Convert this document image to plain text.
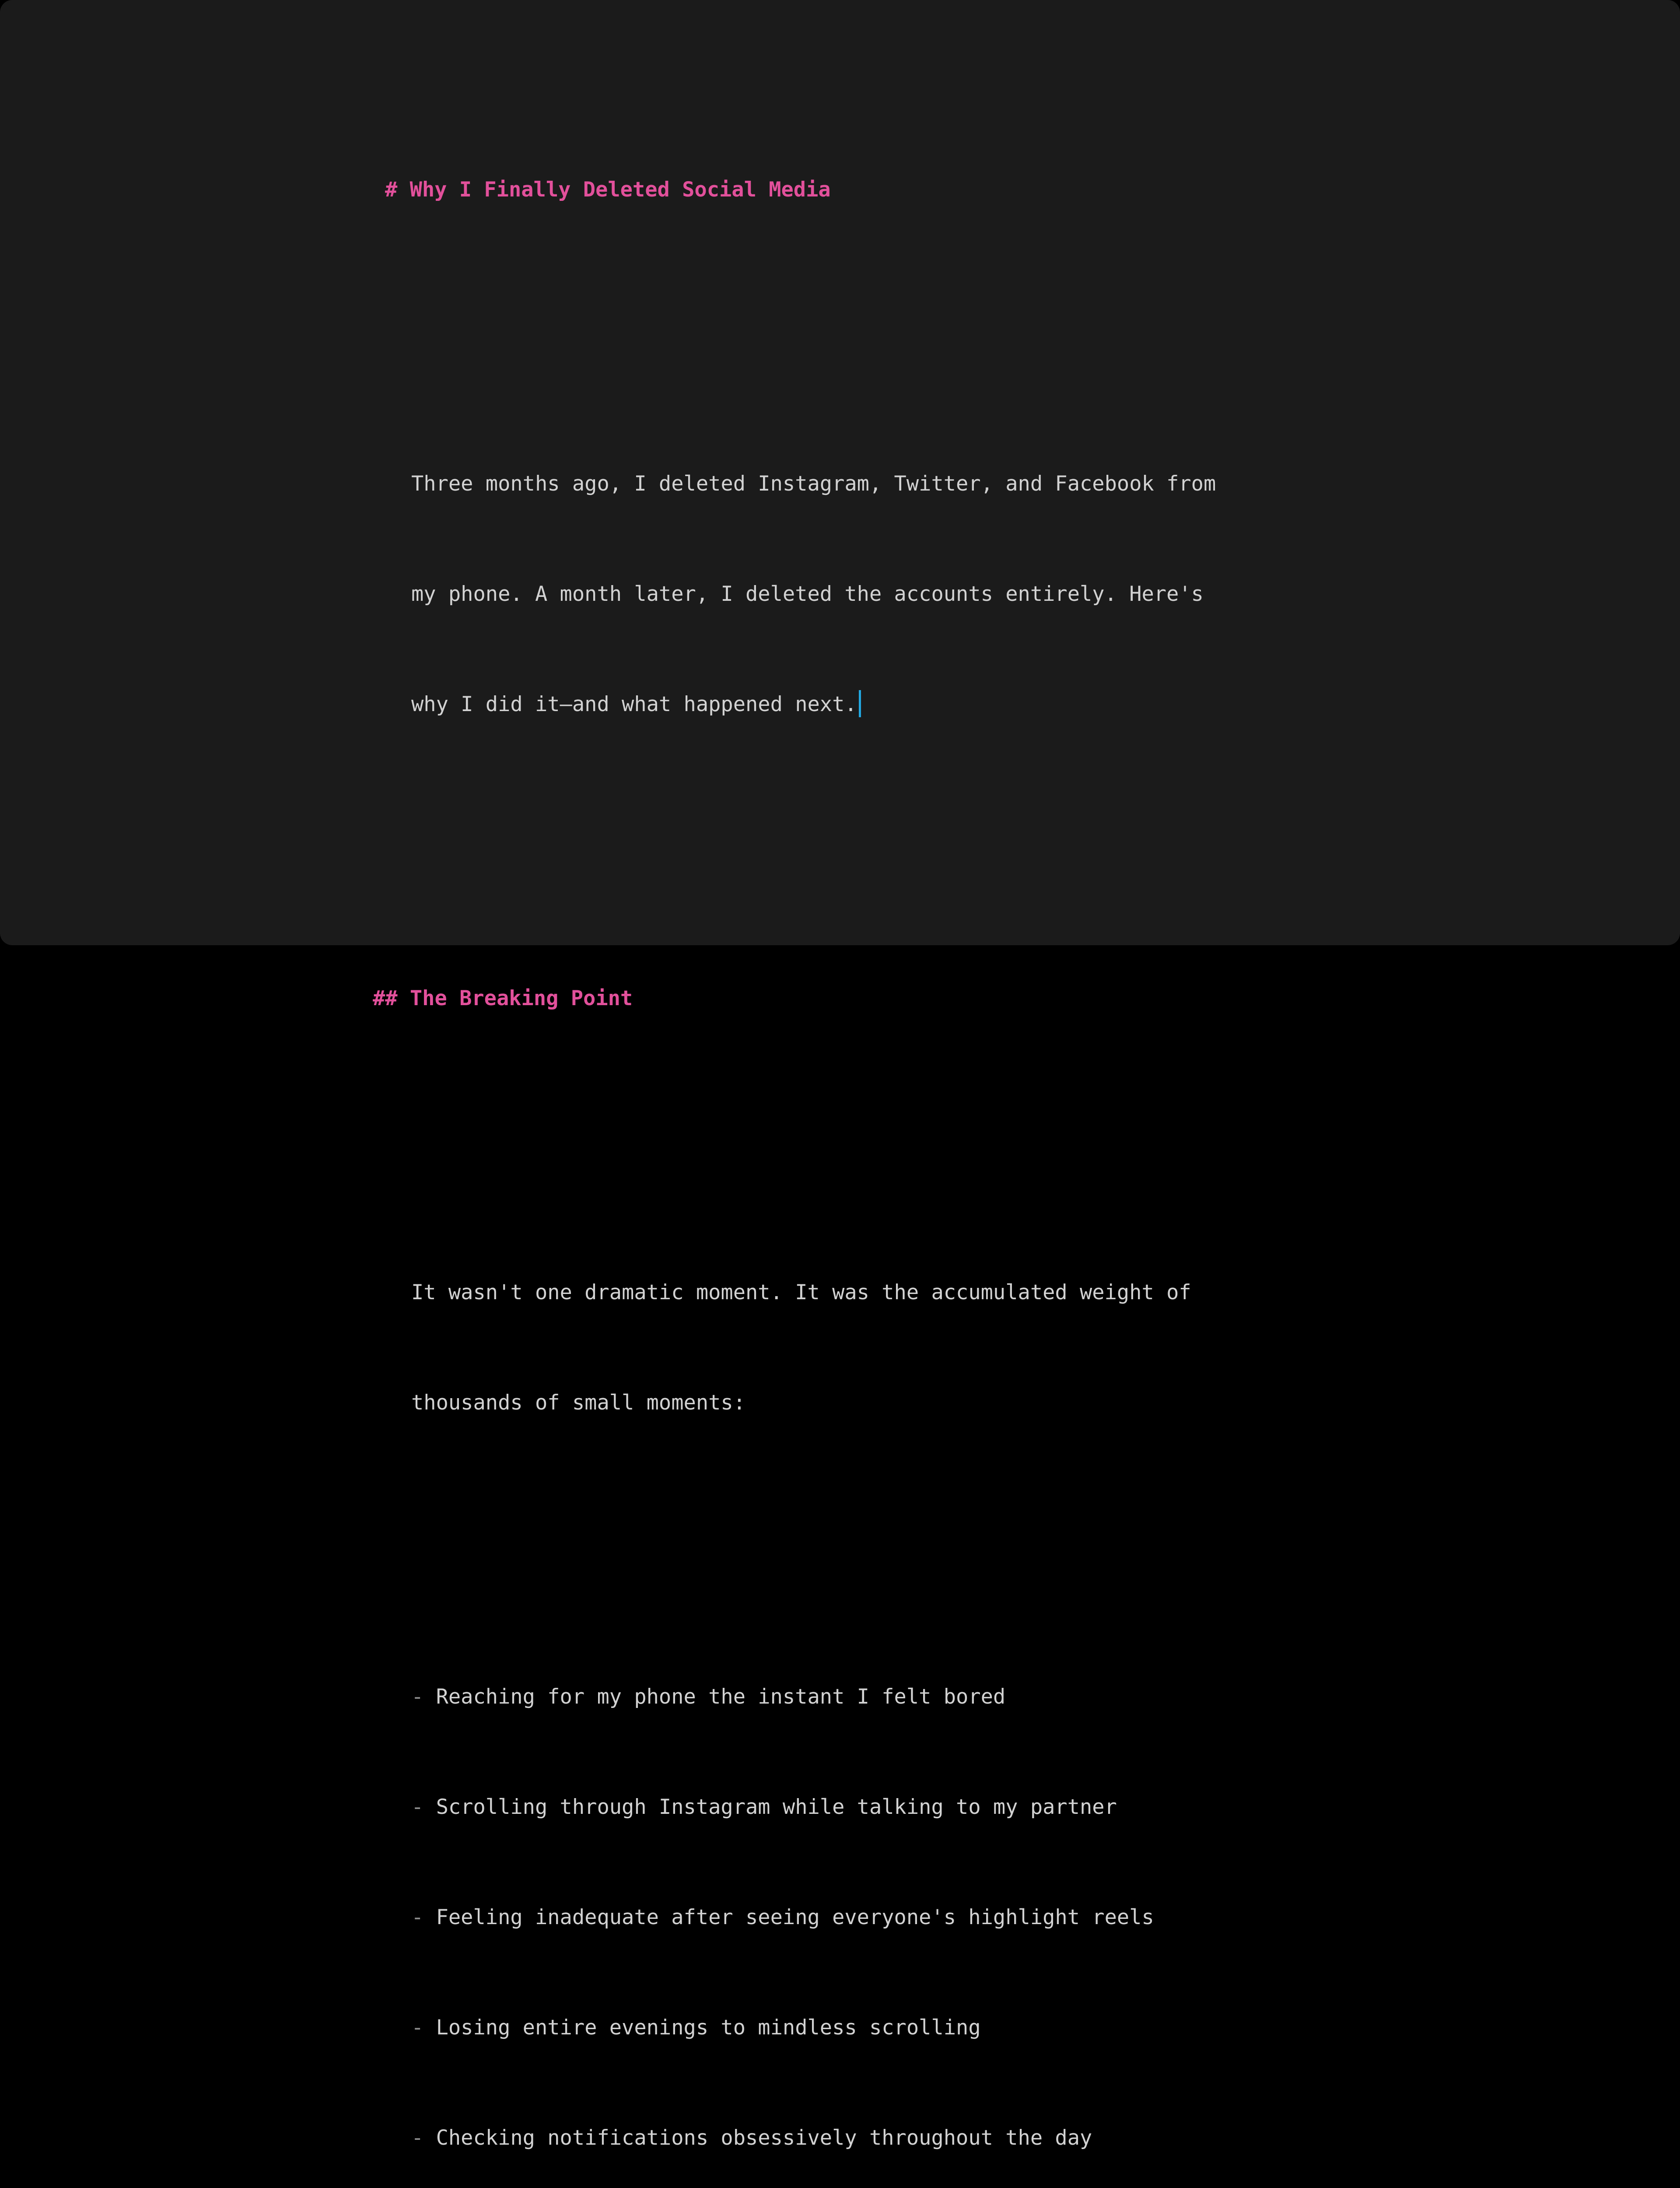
# Why I Finally Deleted Social Media

Three months ago, I deleted Instagram, Twitter, and Facebook from

my phone. A month later, I deleted the accounts entirely. Here's

why I did it—and what happened next.

## The Breaking Point

It wasn't one dramatic moment. It was the accumulated weight of

thousands of small moments:

- Reaching for my phone the instant I felt bored

- Scrolling through Instagram while talking to my partner

- Feeling inadequate after seeing everyone's highlight reels

- Losing entire evenings to mindless scrolling

- Checking notifications obsessively throughout the day
